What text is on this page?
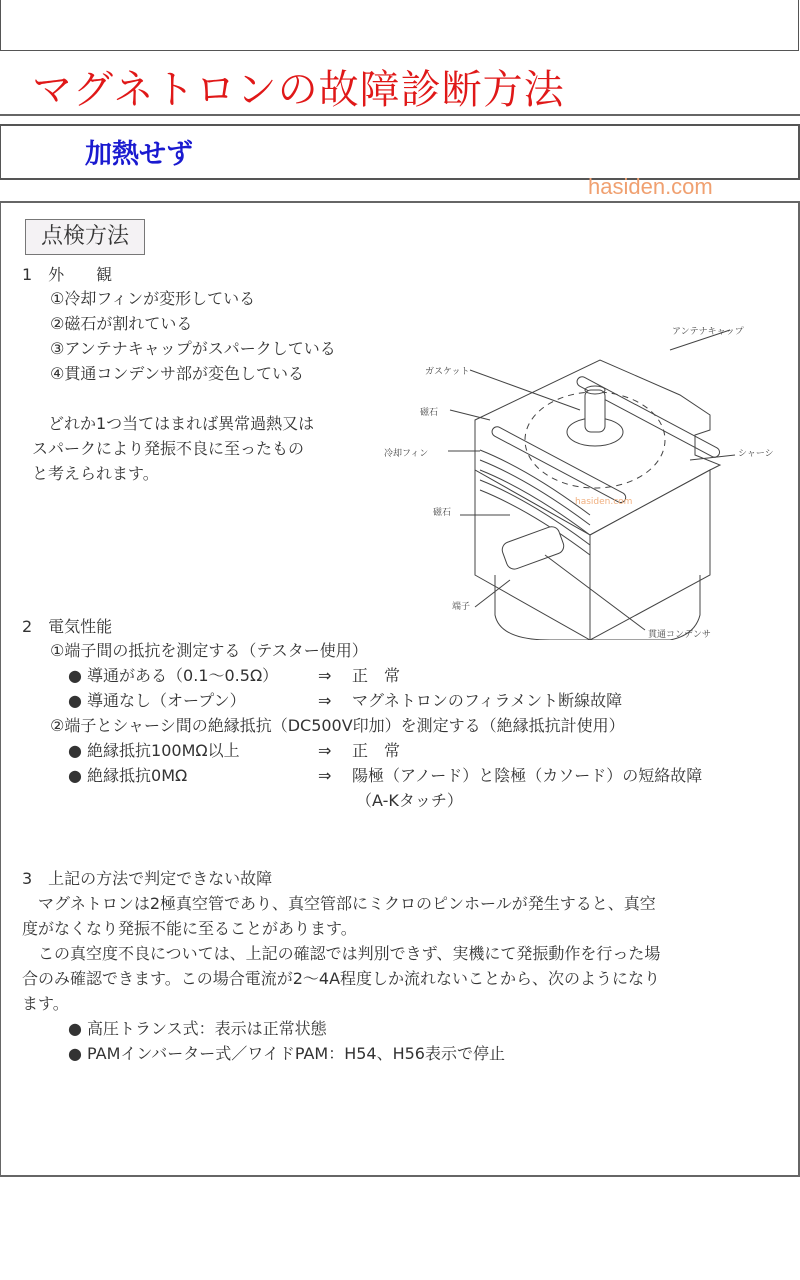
マグネトロンの故障診断方法
加熱せず
hasiden.com
点検方法
1　外　　観
①冷却フィンが変形している
②磁石が割れている
③アンテナキャップがスパークしている
④貫通コンデンサ部が変色している
　どれか1つ当てはまれば異常過熱又は
スパークにより発振不良に至ったもの
と考えられます。
アンテナキャップ
ガスケット
磁石
冷却フィン	シャーシ
磁石
端子
貫通コンデンサ
hasiden.com
2　電気性能
①端子間の抵抗を測定する（テスター使用）
● 導通がある（0.1～0.5Ω） ⇒ 正　常
● 導通なし（オープン）	⇒ マグネトロンのフィラメント断線故障
②端子とシャーシ間の絶縁抵抗（DC500V印加）を測定する（絶縁抵抗計使用）
● 絶縁抵抗100MΩ以上	⇒ 正　常
● 絶縁抵抗0MΩ	⇒ 陽極（アノード）と陰極（カソード）の短絡故障
（A-Kタッチ）
3　上記の方法で判定できない故障
　マグネトロンは2極真空管であり、真空管部にミクロのピンホールが発生すると、真空
度がなくなり発振不能に至ることがあります。
　この真空度不良については、上記の確認では判別できず、実機にて発振動作を行った場
合のみ確認できます。この場合電流が2～4A程度しか流れないことから、次のようになり
ます。
● 高圧トランス式：表示は正常状態
● PAMインバーター式／ワイドPAM：H54、H56表示で停止
